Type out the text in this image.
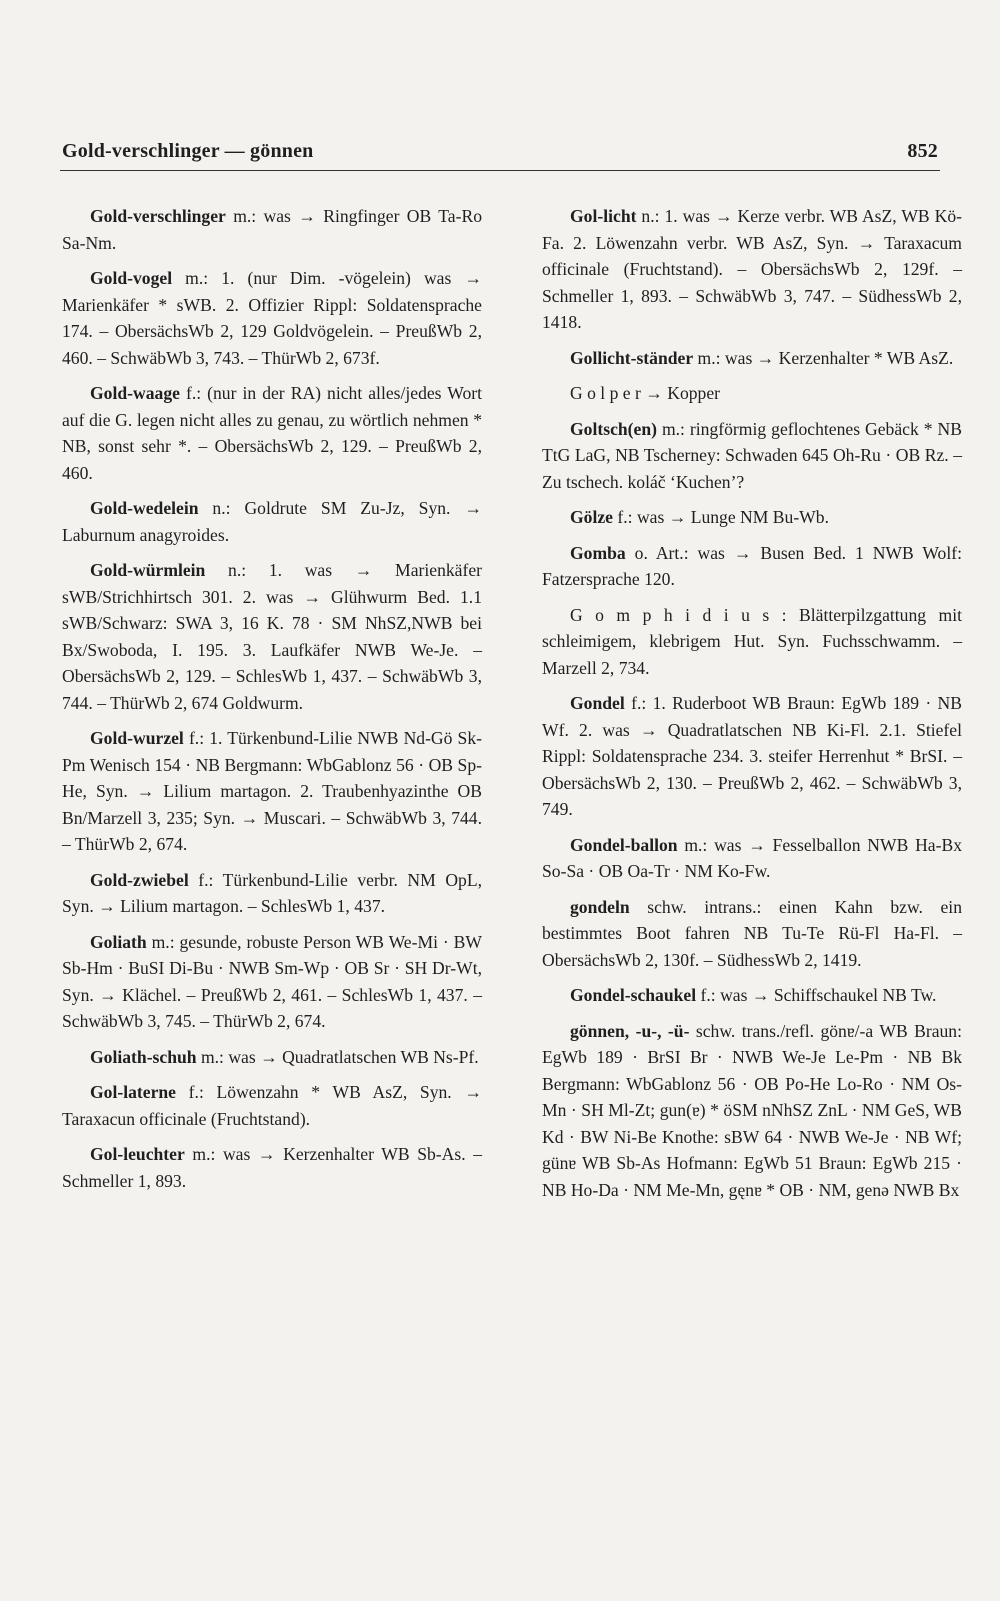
Gold-verschlinger — gönnen	852

Gold-verschlinger m.: was → Ringfinger OB Ta-Ro Sa-Nm.

Gold-vogel m.: 1. (nur Dim. -vögelein) was → Marienkäfer * sWB. 2. Offizier Rippl: Soldatensprache 174. – ObersächsWb 2, 129 Goldvögelein. – PreußWb 2, 460. – SchwäbWb 3, 743. – ThürWb 2, 673f.

Gold-waage f.: (nur in der RA) nicht alles/jedes Wort auf die G. legen nicht alles zu genau, zu wörtlich nehmen * NB, sonst sehr *. – ObersächsWb 2, 129. – PreußWb 2, 460.

Gold-wedelein n.: Goldrute SM Zu-Jz, Syn. → Laburnum anagyroides.

Gold-würmlein n.: 1. was → Marienkäfer sWB/Strichhirtsch 301. 2. was → Glühwurm Bed. 1.1 sWB/Schwarz: SWA 3, 16 K. 78 · SM NhSZ,NWB bei Bx/Swoboda, I. 195. 3. Laufkäfer NWB We-Je. – ObersächsWb 2, 129. – SchlesWb 1, 437. – SchwäbWb 3, 744. – ThürWb 2, 674 Goldwurm.

Gold-wurzel f.: 1. Türkenbund-Lilie NWB Nd-Gö Sk-Pm Wenisch 154 · NB Bergmann: WbGablonz 56 · OB Sp-He, Syn. → Lilium martagon. 2. Traubenhyazinthe OB Bn/Marzell 3, 235; Syn. → Muscari. – SchwäbWb 3, 744. – ThürWb 2, 674.

Gold-zwiebel f.: Türkenbund-Lilie verbr. NM OpL, Syn. → Lilium martagon. – SchlesWb 1, 437.

Goliath m.: gesunde, robuste Person WB We-Mi · BW Sb-Hm · BuSI Di-Bu · NWB Sm-Wp · OB Sr · SH Dr-Wt, Syn. → Klächel. – PreußWb 2, 461. – SchlesWb 1, 437. – SchwäbWb 3, 745. – ThürWb 2, 674.

Goliath-schuh m.: was → Quadratlatschen WB Ns-Pf.

Gol-laterne f.: Löwenzahn * WB AsZ, Syn. → Taraxacun officinale (Fruchtstand).

Gol-leuchter m.: was → Kerzenhalter WB Sb-As. – Schmeller 1, 893.

Gol-licht n.: 1. was → Kerze verbr. WB AsZ, WB Kö-Fa. 2. Löwenzahn verbr. WB AsZ, Syn. → Taraxacum officinale (Fruchtstand). – ObersächsWb 2, 129f. – Schmeller 1, 893. – SchwäbWb 3, 747. – SüdhessWb 2, 1418.

Gollicht-ständer m.: was → Kerzenhalter * WB AsZ.

G o l p e r → Kopper

Goltsch(en) m.: ringförmig geflochtenes Gebäck * NB TtG LaG, NB Tscherney: Schwaden 645 Oh-Ru · OB Rz. – Zu tschech. koláč ‘Kuchen’?

Gölze f.: was → Lunge NM Bu-Wb.

Gomba o. Art.: was → Busen Bed. 1 NWB Wolf: Fatzersprache 120.

G o m p h i d i u s : Blätterpilzgattung mit schleimigem, klebrigem Hut. Syn. Fuchsschwamm. – Marzell 2, 734.

Gondel f.: 1. Ruderboot WB Braun: EgWb 189 · NB Wf. 2. was → Quadratlatschen NB Ki-Fl. 2.1. Stiefel Rippl: Soldatensprache 234. 3. steifer Herrenhut * BrSI. – ObersächsWb 2, 130. – PreußWb 2, 462. – SchwäbWb 3, 749.

Gondel-ballon m.: was → Fesselballon NWB Ha-Bx So-Sa · OB Oa-Tr · NM Ko-Fw.

gondeln schw. intrans.: einen Kahn bzw. ein bestimmtes Boot fahren NB Tu-Te Rü-Fl Ha-Fl. – ObersächsWb 2, 130f. – SüdhessWb 2, 1419.

Gondel-schaukel f.: was → Schiffschaukel NB Tw.

gönnen, -u-, -ü- schw. trans./refl. gönɐ/-a WB Braun: EgWb 189 · BrSI Br · NWB We-Je Le-Pm · NB Bk Bergmann: WbGablonz 56 · OB Po-He Lo-Ro · NM Os-Mn · SH Ml-Zt; gun(ɐ) * öSM nNhSZ ZnL · NM GeS, WB Kd · BW Ni-Be Knothe: sBW 64 · NWB We-Je · NB Wf; günɐ WB Sb-As Hofmann: EgWb 51 Braun: EgWb 215 · NB Ho-Da · NM Me-Mn, gęnɐ * OB · NM, genə NWB Bx
